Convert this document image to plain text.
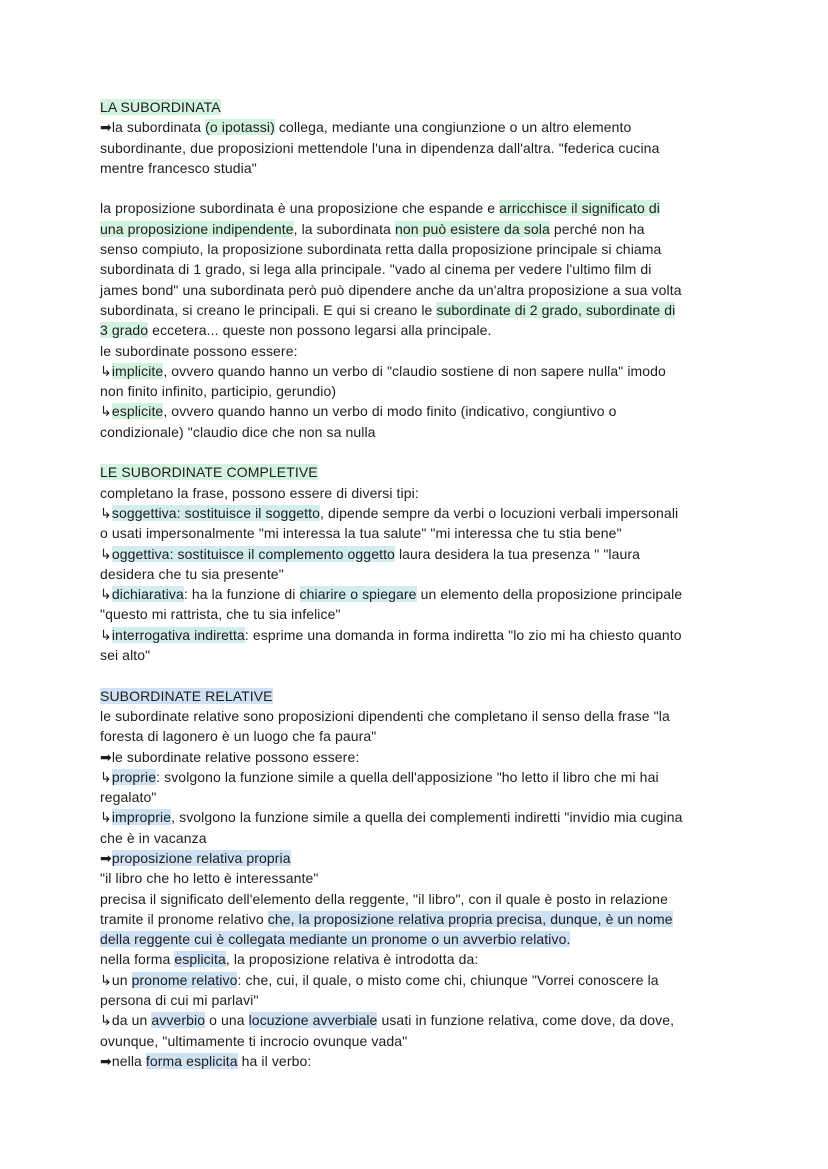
LA SUBORDINATA
➡la subordinata (o ipotassi) collega, mediante una congiunzione o un altro elemento
subordinante, due proposizioni mettendole l'una in dipendenza dall'altra. "federica cucina
mentre francesco studia"

la proposizione subordinata è una proposizione che espande e arricchisce il significato di
una proposizione indipendente, la subordinata non può esistere da sola perché non ha
senso compiuto, la proposizione subordinata retta dalla proposizione principale si chiama
subordinata di 1 grado, si lega alla principale. "vado al cinema per vedere l'ultimo film di
james bond" una subordinata però può dipendere anche da un'altra proposizione a sua volta
subordinata, si creano le principali. E qui si creano le subordinate di 2 grado, subordinate di
3 grado eccetera... queste non possono legarsi alla principale.
le subordinate possono essere:
↳implicite, ovvero quando hanno un verbo di "claudio sostiene di non sapere nulla" imodo
non finito infinito, participio, gerundio)
↳esplicite, ovvero quando hanno un verbo di modo finito (indicativo, congiuntivo o
condizionale) "claudio dice che non sa nulla

LE SUBORDINATE COMPLETIVE
completano la frase, possono essere di diversi tipi:
↳soggettiva: sostituisce il soggetto, dipende sempre da verbi o locuzioni verbali impersonali
o usati impersonalmente "mi interessa la tua salute" "mi interessa che tu stia bene"
↳oggettiva: sostituisce il complemento oggetto laura desidera la tua presenza " "laura
desidera che tu sia presente"
↳dichiarativa: ha la funzione di chiarire o spiegare un elemento della proposizione principale
"questo mi rattrista, che tu sia infelice"
↳interrogativa indiretta: esprime una domanda in forma indiretta "lo zio mi ha chiesto quanto
sei alto"

SUBORDINATE RELATIVE
le subordinate relative sono proposizioni dipendenti che completano il senso della frase "la
foresta di lagonero è un luogo che fa paura"
➡le subordinate relative possono essere:
↳proprie: svolgono la funzione simile a quella dell'apposizione "ho letto il libro che mi hai
regalato"
↳improprie, svolgono la funzione simile a quella dei complementi indiretti "invidio mia cugina
che è in vacanza
➡proposizione relativa propria
"il libro che ho letto è interessante"
precisa il significato dell'elemento della reggente, "il libro", con il quale è posto in relazione
tramite il pronome relativo che, la proposizione relativa propria precisa, dunque, è un nome
della reggente cui è collegata mediante un pronome o un avverbio relativo.
nella forma esplicita, la proposizione relativa è introdotta da:
↳un pronome relativo: che, cui, il quale, o misto come chi, chiunque "Vorrei conoscere la
persona di cui mi parlavi"
↳da un avverbio o una locuzione avverbiale usati in funzione relativa, come dove, da dove,
ovunque, "ultimamente ti incrocio ovunque vada"
➡nella forma esplicita ha il verbo:
